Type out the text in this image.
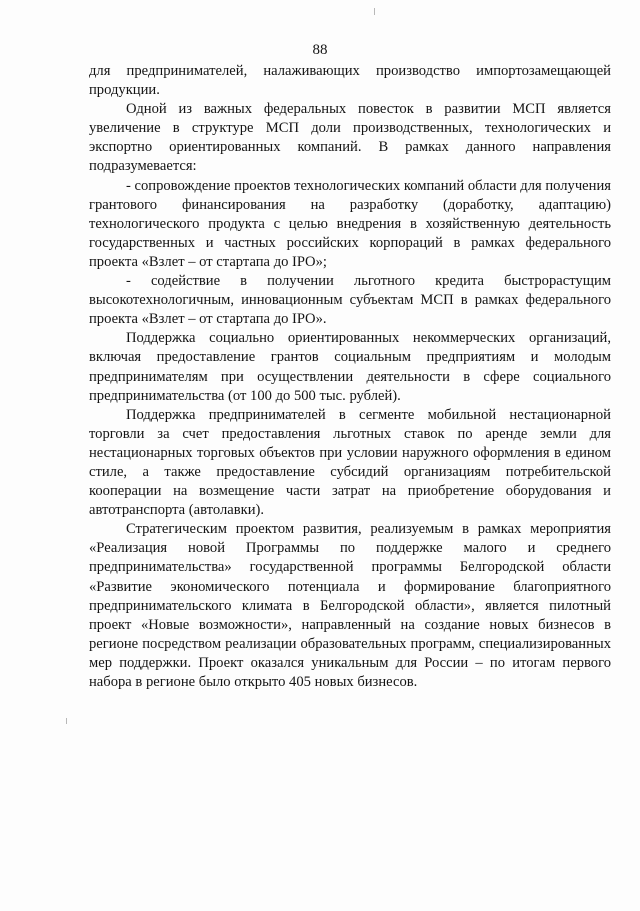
88

для предпринимателей, налаживающих производство импортозамещающей продукции.

Одной из важных федеральных повесток в развитии МСП является увеличение в структуре МСП доли производственных, технологических и экспортно ориентированных компаний. В рамках данного направления подразумевается:

- сопровождение проектов технологических компаний области для получения грантового финансирования на разработку (доработку, адаптацию) технологического продукта с целью внедрения в хозяйственную деятельность государственных и частных российских корпораций в рамках федерального проекта «Взлет – от стартапа до IPO»;

- содействие в получении льготного кредита быстрорастущим высокотехнологичным, инновационным субъектам МСП в рамках федерального проекта «Взлет – от стартапа до IPO».

Поддержка социально ориентированных некоммерческих организаций, включая предоставление грантов социальным предприятиям и молодым предпринимателям при осуществлении деятельности в сфере социального предпринимательства (от 100 до 500 тыс. рублей).

Поддержка предпринимателей в сегменте мобильной нестационарной торговли за счет предоставления льготных ставок по аренде земли для нестационарных торговых объектов при условии наружного оформления в едином стиле, а также предоставление субсидий организациям потребительской кооперации на возмещение части затрат на приобретение оборудования и автотранспорта (автолавки).

Стратегическим проектом развития, реализуемым в рамках мероприятия «Реализация новой Программы по поддержке малого и среднего предпринимательства» государственной программы Белгородской области «Развитие экономического потенциала и формирование благоприятного предпринимательского климата в Белгородской области», является пилотный проект «Новые возможности», направленный на создание новых бизнесов в регионе посредством реализации образовательных программ, специализированных мер поддержки. Проект оказался уникальным для России – по итогам первого набора в регионе было открыто 405 новых бизнесов.
